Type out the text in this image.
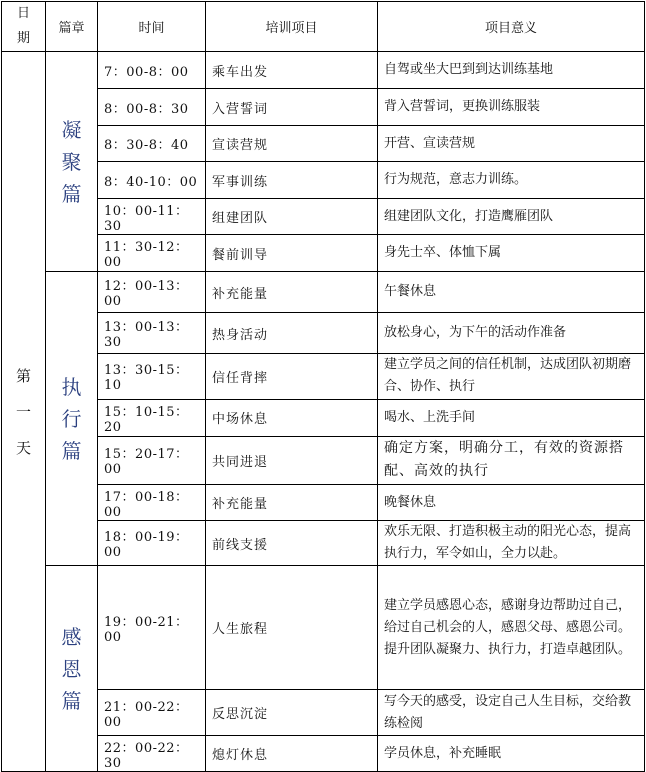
日期	篇章	时间	培训项目	项目意义
第一天	凝聚篇	7：00-8：00	乘车出发	自驾或坐大巴到到达训练基地
		8：00-8：30	入营誓词	背入营誓词，更换训练服装
		8：30-8：40	宣读营规	开营、宣读营规
		8：40-10：00	军事训练	行为规范，意志力训练。
		10：00-11：30	组建团队	组建团队文化，打造鹰雁团队
		11：30-12：00	餐前训导	身先士卒、体恤下属
	执行篇	12：00-13：00	补充能量	午餐休息
		13：00-13：30	热身活动	放松身心，为下午的活动作准备
		13：30-15：10	信任背摔	建立学员之间的信任机制，达成团队初期磨合、协作、执行
		15：10-15：20	中场休息	喝水、上洗手间
		15：20-17：00	共同进退	确定方案，明确分工，有效的资源搭配、高效的执行
		17：00-18：00	补充能量	晚餐休息
		18：00-19：00	前线支援	欢乐无限、打造积极主动的阳光心态，提高执行力，军令如山，全力以赴。
	感恩篇	19：00-21：00	人生旅程	建立学员感恩心态，感谢身边帮助过自己，给过自己机会的人，感恩父母、感恩公司。提升团队凝聚力、执行力，打造卓越团队。
		21：00-22：00	反思沉淀	写今天的感受，设定自己人生目标，交给教练检阅
		22：00-22：30	熄灯休息	学员休息，补充睡眠
